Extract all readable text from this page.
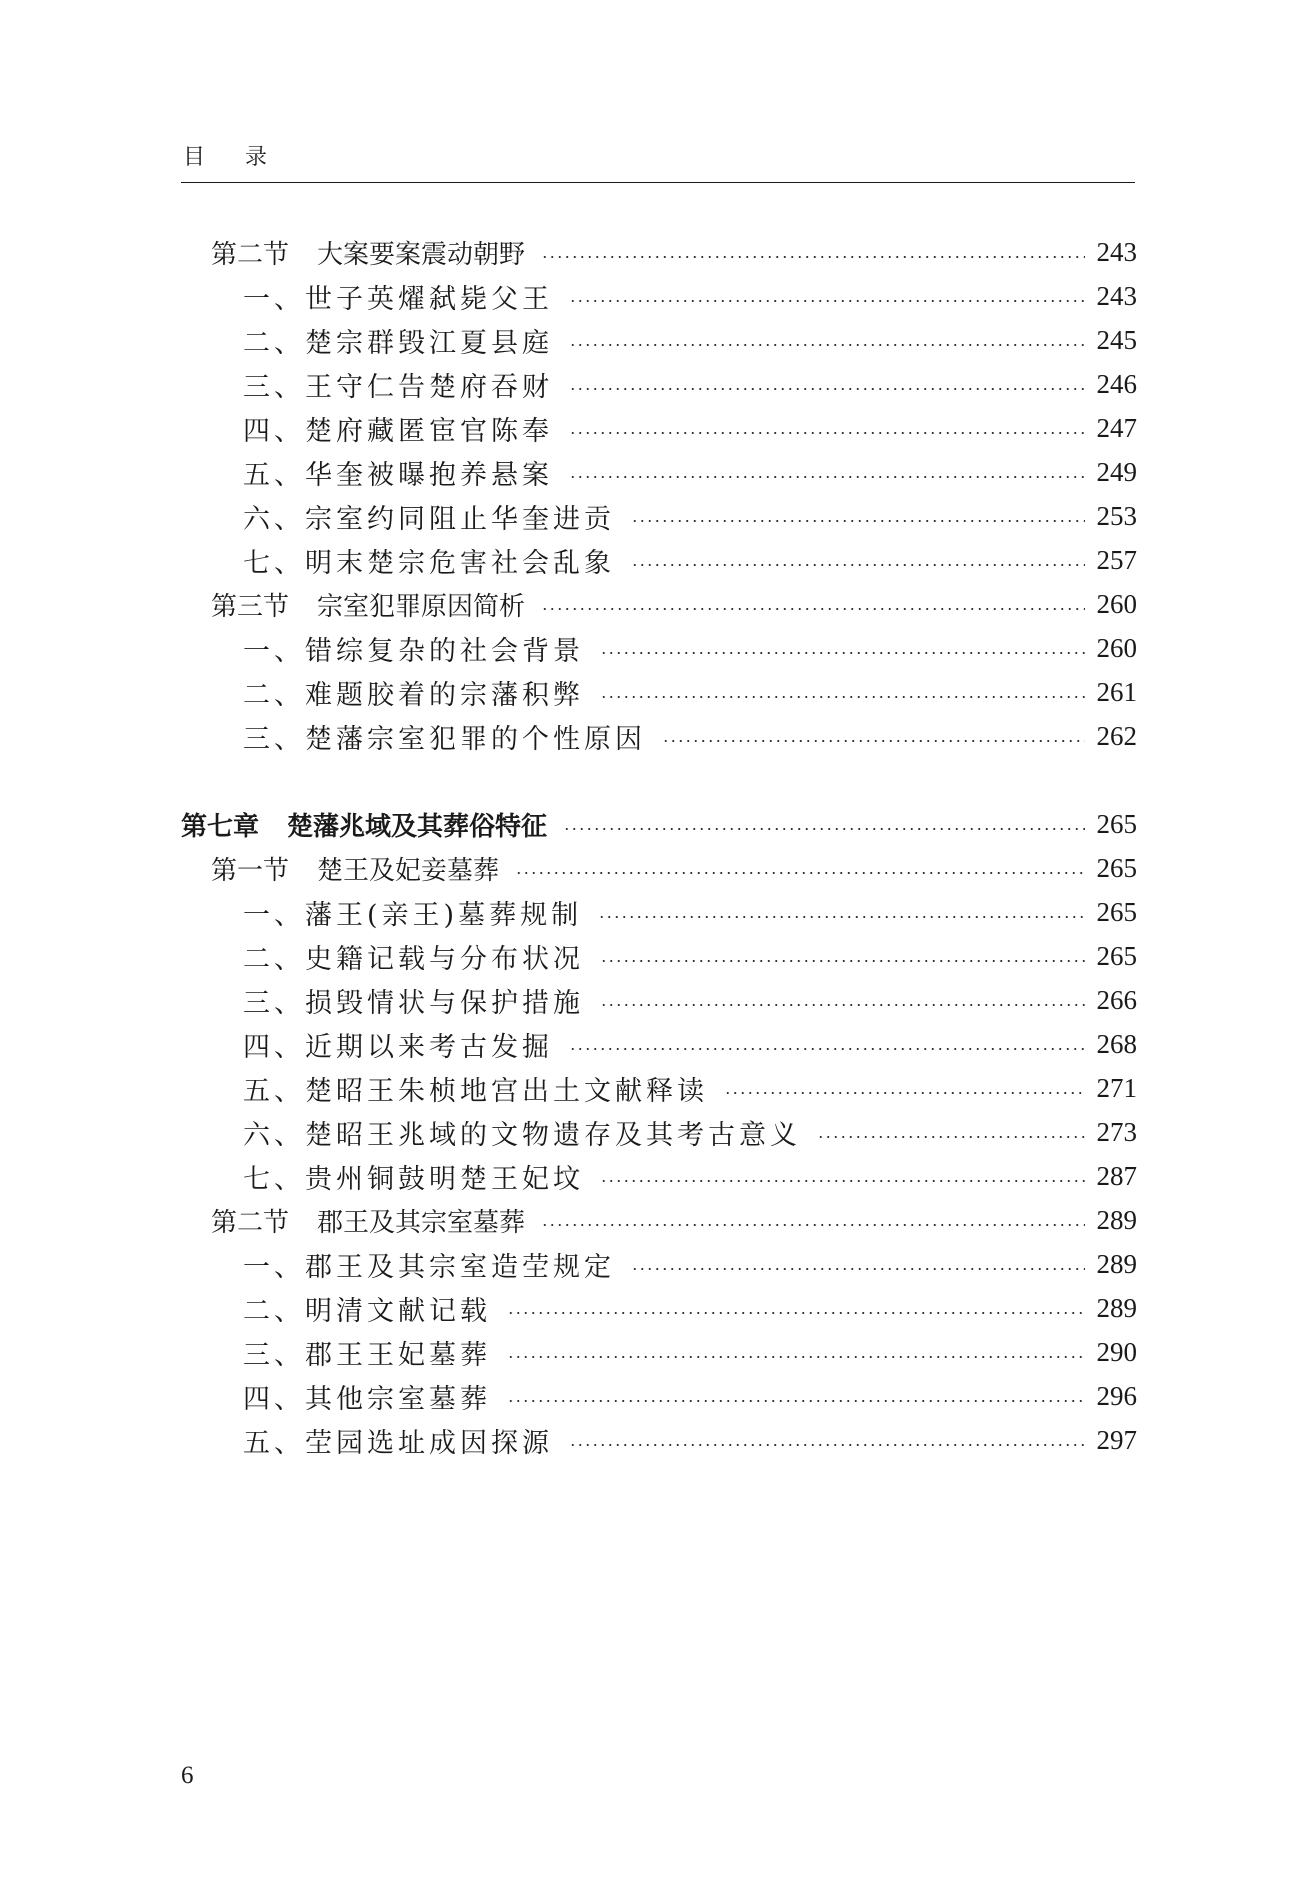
目录
第二节 大案要案震动朝野	243
一、世子英燿弑毙父王	243
二、楚宗群毁江夏县庭	245
三、王守仁告楚府吞财	246
四、楚府藏匿宦官陈奉	247
五、华奎被曝抱养悬案	249
六、宗室约同阻止华奎进贡	253
七、明末楚宗危害社会乱象	257
第三节 宗室犯罪原因简析	260
一、错综复杂的社会背景	260
二、难题胶着的宗藩积弊	261
三、楚藩宗室犯罪的个性原因	262
第七章 楚藩兆域及其葬俗特征	265
第一节 楚王及妃妾墓葬	265
一、藩王(亲王)墓葬规制	265
二、史籍记载与分布状况	265
三、损毁情状与保护措施	266
四、近期以来考古发掘	268
五、楚昭王朱桢地宫出土文献释读	271
六、楚昭王兆域的文物遗存及其考古意义	273
七、贵州铜鼓明楚王妃坟	287
第二节 郡王及其宗室墓葬	289
一、郡王及其宗室造茔规定	289
二、明清文献记载	289
三、郡王王妃墓葬	290
四、其他宗室墓葬	296
五、茔园选址成因探源	297
6
